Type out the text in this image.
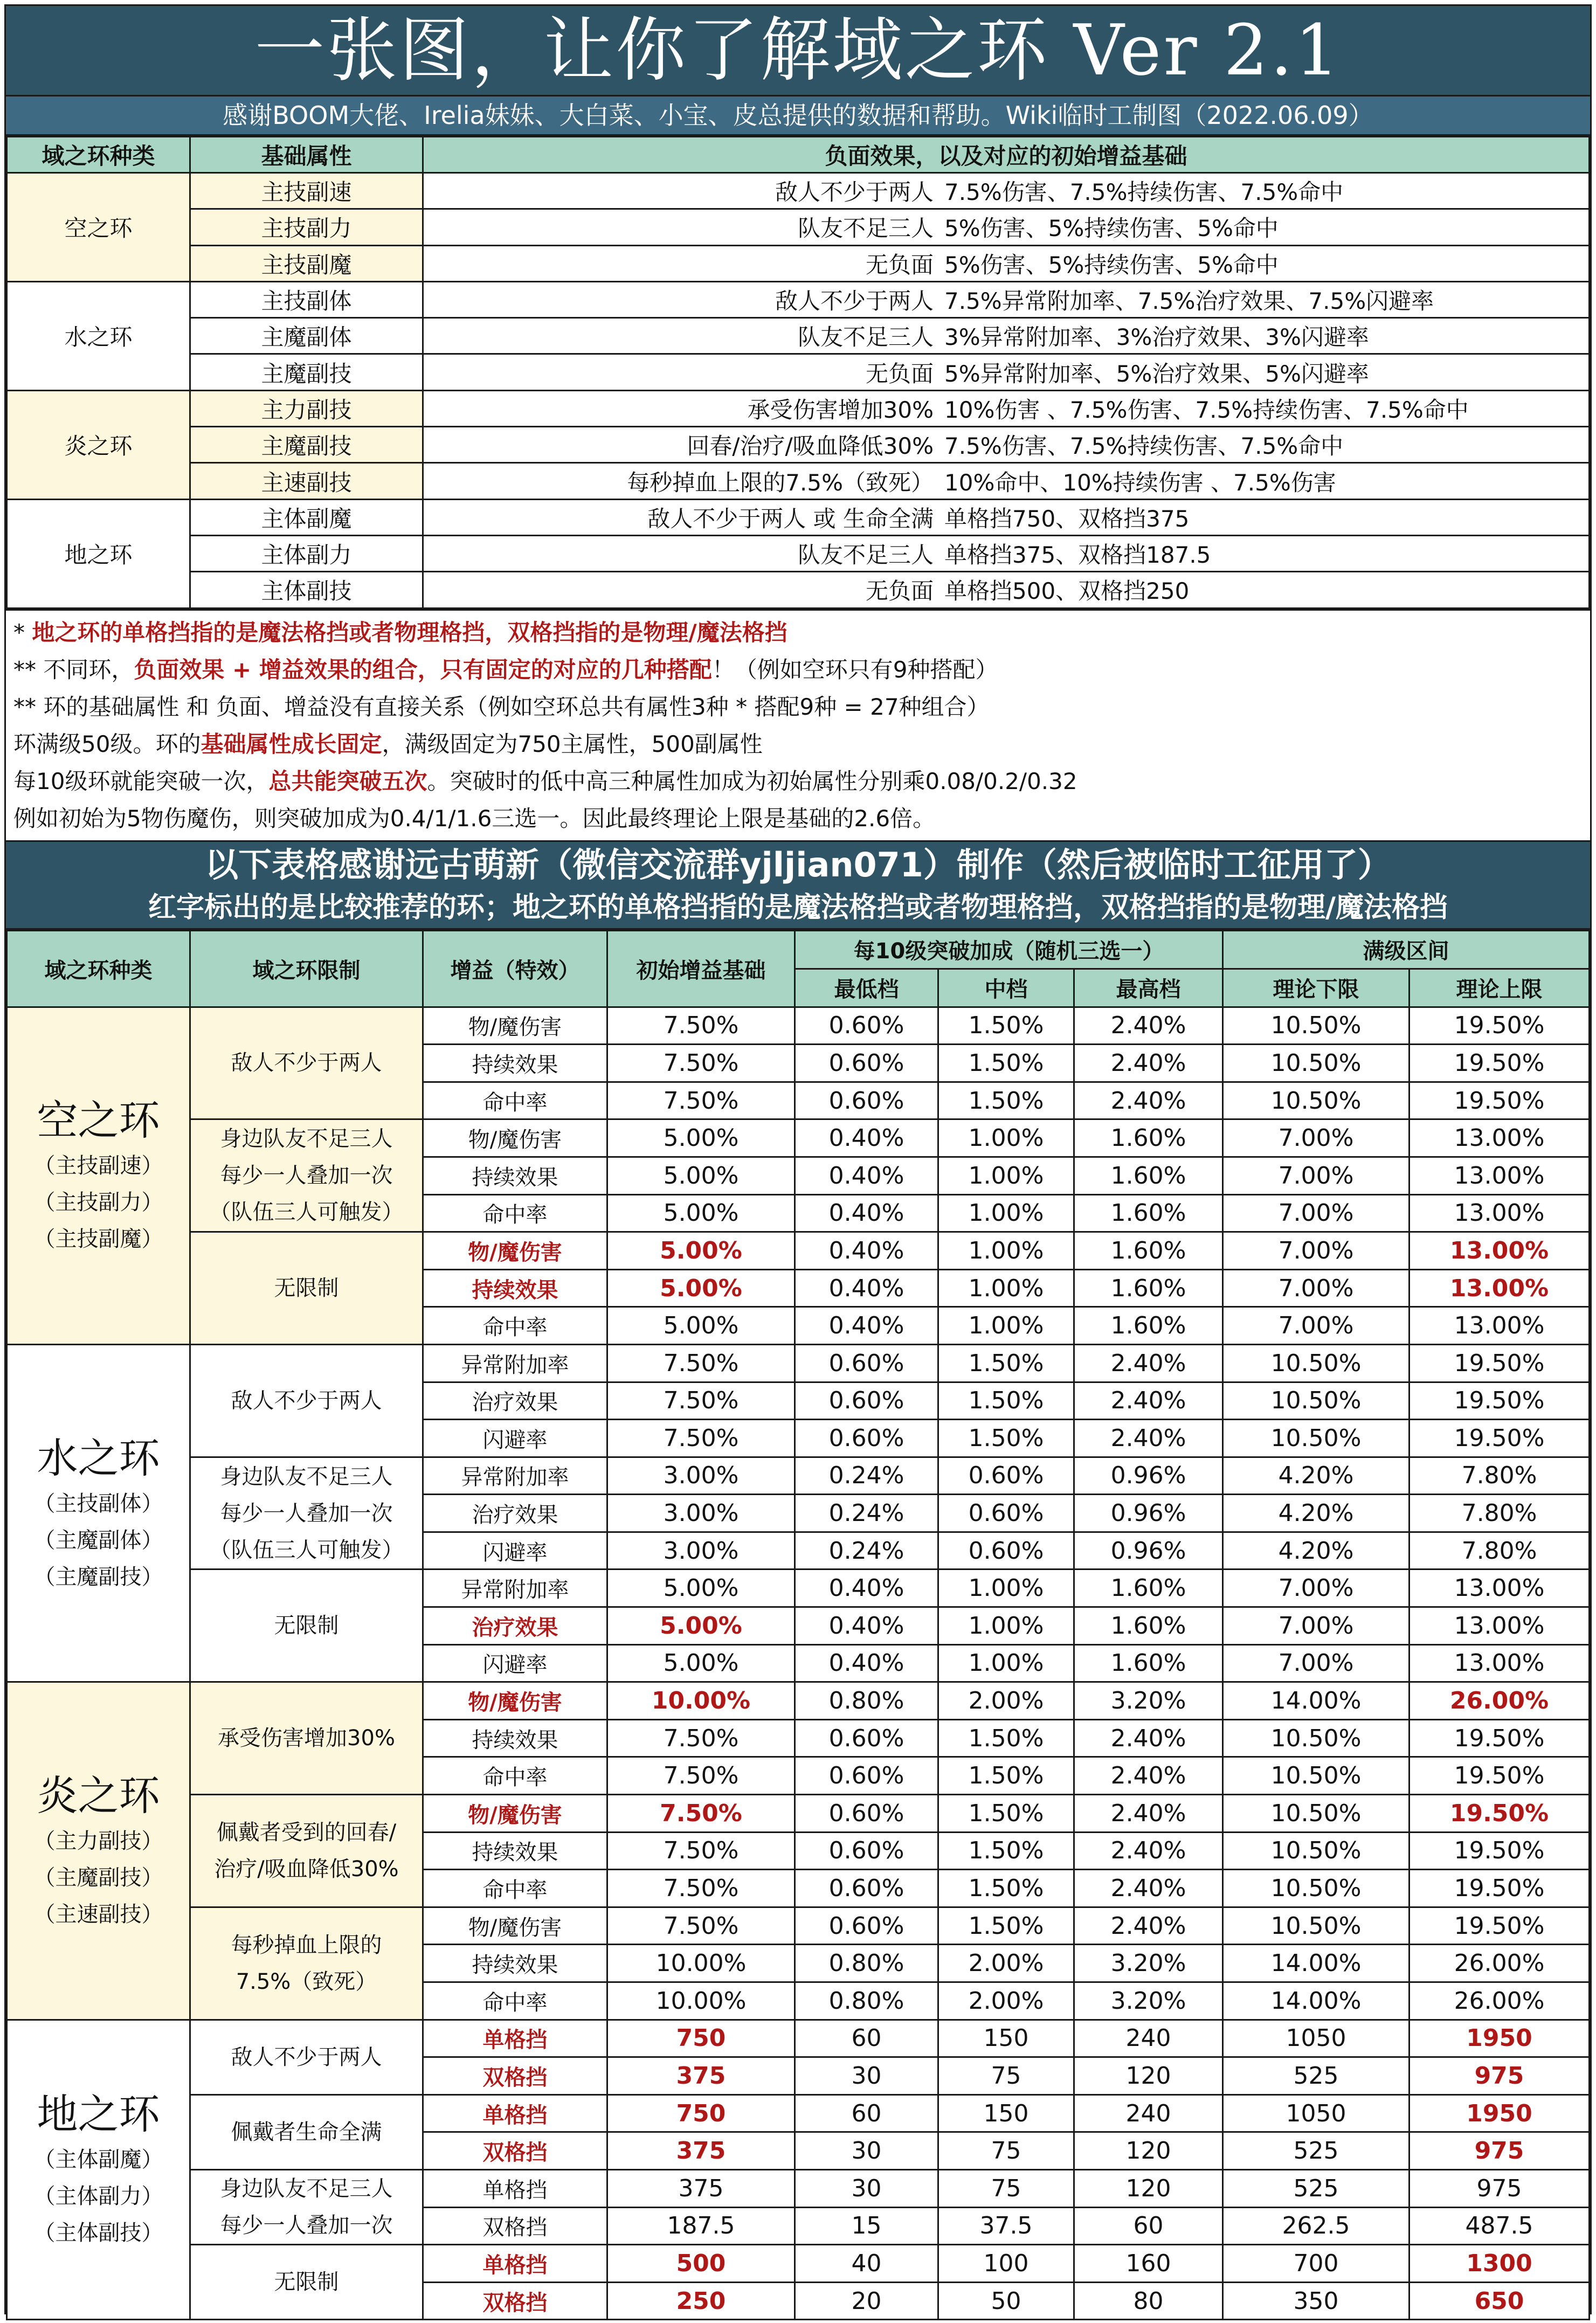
一张图，让你了解域之环 Ver 2.1
感谢BOOM大佬、Irelia妹妹、大白菜、小宝、皮总提供的数据和帮助。Wiki临时工制图（2022.06.09）
域之环种类	基础属性	负面效果，以及对应的初始增益基础
空之环	主技副速	敌人不少于两人 7.5%伤害、7.5%持续伤害、7.5%命中

	主技副力	队友不足三人 5%伤害、5%持续伤害、5%命中

	主技副魔	无负面 5%伤害、5%持续伤害、5%命中

水之环	主技副体	敌人不少于两人 7.5%异常附加率、7.5%治疗效果、7.5%闪避率

	主魔副体	队友不足三人 3%异常附加率、3%治疗效果、3%闪避率

	主魔副技	无负面 5%异常附加率、5%治疗效果、5%闪避率

炎之环	主力副技	承受伤害增加30% 10%伤害 、7.5%伤害、7.5%持续伤害、7.5%命中

	主魔副技	回春/治疗/吸血降低30% 7.5%伤害、7.5%持续伤害、7.5%命中

	主速副技	每秒掉血上限的7.5%（致死） 10%命中、10%持续伤害 、7.5%伤害

地之环	主体副魔	敌人不少于两人 或 生命全满 单格挡750、双格挡375

	主体副力	队友不足三人 单格挡375、双格挡187.5

	主体副技	无负面 单格挡500、双格挡250
* 地之环的单格挡指的是魔法格挡或者物理格挡，双格挡指的是物理/魔法格挡
** 不同环，负面效果 + 增益效果的组合，只有固定的对应的几种搭配！（例如空环只有9种搭配）
** 环的基础属性 和 负面、增益没有直接关系（例如空环总共有属性3种 * 搭配9种 = 27种组合）
环满级50级。环的基础属性成长固定，满级固定为750主属性，500副属性
每10级环就能突破一次，总共能突破五次。突破时的低中高三种属性加成为初始属性分别乘0.08/0.2/0.32
例如初始为5物伤魔伤，则突破加成为0.4/1/1.6三选一。因此最终理论上限是基础的2.6倍。
以下表格感谢远古萌新（微信交流群yjljian071）制作（然后被临时工征用了）
红字标出的是比较推荐的环；地之环的单格挡指的是魔法格挡或者物理格挡，双格挡指的是物理/魔法格挡
域之环种类	域之环限制	增益（特效）	初始增益基础	每10级突破加成（随机三选一）			满级区间	
				最低档	中档	最高档	理论下限	理论上限

空之环
（主技副速）
（主技副力）
（主技副魔）	敌人不少于两人	物/魔伤害	7.50%	0.60%	1.50%	2.40%	10.50%	19.50%
		持续效果	7.50%	0.60%	1.50%	2.40%	10.50%	19.50%
		命中率	7.50%	0.60%	1.50%	2.40%	10.50%	19.50%

	身边队友不足三人
每少一人叠加一次
（队伍三人可触发）	物/魔伤害	5.00%	0.40%	1.00%	1.60%	7.00%	13.00%
		持续效果	5.00%	0.40%	1.00%	1.60%	7.00%	13.00%
		命中率	5.00%	0.40%	1.00%	1.60%	7.00%	13.00%

	无限制	物/魔伤害	5.00%	0.40%	1.00%	1.60%	7.00%	13.00%
		持续效果	5.00%	0.40%	1.00%	1.60%	7.00%	13.00%
		命中率	5.00%	0.40%	1.00%	1.60%	7.00%	13.00%

水之环
（主技副体）
（主魔副体）
（主魔副技）	敌人不少于两人	异常附加率	7.50%	0.60%	1.50%	2.40%	10.50%	19.50%
		治疗效果	7.50%	0.60%	1.50%	2.40%	10.50%	19.50%
		闪避率	7.50%	0.60%	1.50%	2.40%	10.50%	19.50%

	身边队友不足三人
每少一人叠加一次
（队伍三人可触发）	异常附加率	3.00%	0.24%	0.60%	0.96%	4.20%	7.80%
		治疗效果	3.00%	0.24%	0.60%	0.96%	4.20%	7.80%
		闪避率	3.00%	0.24%	0.60%	0.96%	4.20%	7.80%

	无限制	异常附加率	5.00%	0.40%	1.00%	1.60%	7.00%	13.00%
		治疗效果	5.00%	0.40%	1.00%	1.60%	7.00%	13.00%
		闪避率	5.00%	0.40%	1.00%	1.60%	7.00%	13.00%

炎之环
（主力副技）
（主魔副技）
（主速副技）	承受伤害增加30%	物/魔伤害	10.00%	0.80%	2.00%	3.20%	14.00%	26.00%
		持续效果	7.50%	0.60%	1.50%	2.40%	10.50%	19.50%
		命中率	7.50%	0.60%	1.50%	2.40%	10.50%	19.50%

	佩戴者受到的回春/
治疗/吸血降低30%	物/魔伤害	7.50%	0.60%	1.50%	2.40%	10.50%	19.50%
		持续效果	7.50%	0.60%	1.50%	2.40%	10.50%	19.50%
		命中率	7.50%	0.60%	1.50%	2.40%	10.50%	19.50%

	每秒掉血上限的
7.5%（致死）	物/魔伤害	7.50%	0.60%	1.50%	2.40%	10.50%	19.50%
		持续效果	10.00%	0.80%	2.00%	3.20%	14.00%	26.00%
		命中率	10.00%	0.80%	2.00%	3.20%	14.00%	26.00%

地之环
（主体副魔）
（主体副力）
（主体副技）	敌人不少于两人	单格挡	750	60	150	240	1050	1950
		双格挡	375	30	75	120	525	975

	佩戴者生命全满	单格挡	750	60	150	240	1050	1950
		双格挡	375	30	75	120	525	975

	身边队友不足三人
每少一人叠加一次	单格挡	375	30	75	120	525	975
		双格挡	187.5	15	37.5	60	262.5	487.5

	无限制	单格挡	500	40	100	160	700	1300
		双格挡	250	20	50	80	350	650
